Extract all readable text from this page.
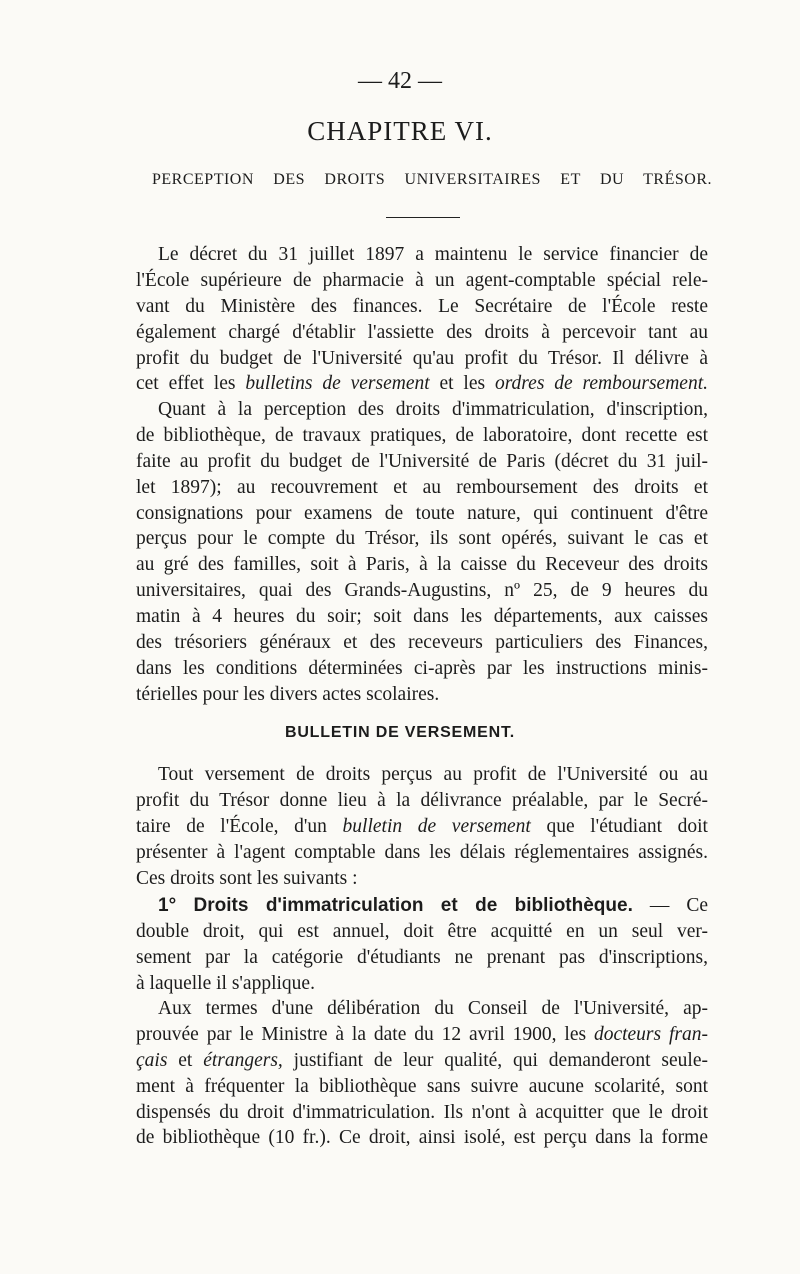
— 42 —
CHAPITRE VI.
PERCEPTION DES DROITS UNIVERSITAIRES ET DU TRÉSOR.
Le décret du 31 juillet 1897 a maintenu le service financier de
l'École supérieure de pharmacie à un agent-comptable spécial rele-
vant du Ministère des finances. Le Secrétaire de l'École reste
également chargé d'établir l'assiette des droits à percevoir tant au
profit du budget de l'Université qu'au profit du Trésor. Il délivre à
cet effet les bulletins de versement et les ordres de remboursement.
Quant à la perception des droits d'immatriculation, d'inscription,
de bibliothèque, de travaux pratiques, de laboratoire, dont recette est
faite au profit du budget de l'Université de Paris (décret du 31 juil-
let 1897); au recouvrement et au remboursement des droits et
consignations pour examens de toute nature, qui continuent d'être
perçus pour le compte du Trésor, ils sont opérés, suivant le cas et
au gré des familles, soit à Paris, à la caisse du Receveur des droits
universitaires, quai des Grands-Augustins, nº 25, de 9 heures du
matin à 4 heures du soir; soit dans les départements, aux caisses
des trésoriers généraux et des receveurs particuliers des Finances,
dans les conditions déterminées ci-après par les instructions minis-
térielles pour les divers actes scolaires.
BULLETIN DE VERSEMENT.
Tout versement de droits perçus au profit de l'Université ou au
profit du Trésor donne lieu à la délivrance préalable, par le Secré-
taire de l'École, d'un bulletin de versement que l'étudiant doit
présenter à l'agent comptable dans les délais réglementaires assignés.
Ces droits sont les suivants :
1° Droits d'immatriculation et de bibliothèque. — Ce
double droit, qui est annuel, doit être acquitté en un seul ver-
sement par la catégorie d'étudiants ne prenant pas d'inscriptions,
à laquelle il s'applique.
Aux termes d'une délibération du Conseil de l'Université, ap-
prouvée par le Ministre à la date du 12 avril 1900, les docteurs fran-
çais et étrangers, justifiant de leur qualité, qui demanderont seule-
ment à fréquenter la bibliothèque sans suivre aucune scolarité, sont
dispensés du droit d'immatriculation. Ils n'ont à acquitter que le droit
de bibliothèque (10 fr.). Ce droit, ainsi isolé, est perçu dans la forme
